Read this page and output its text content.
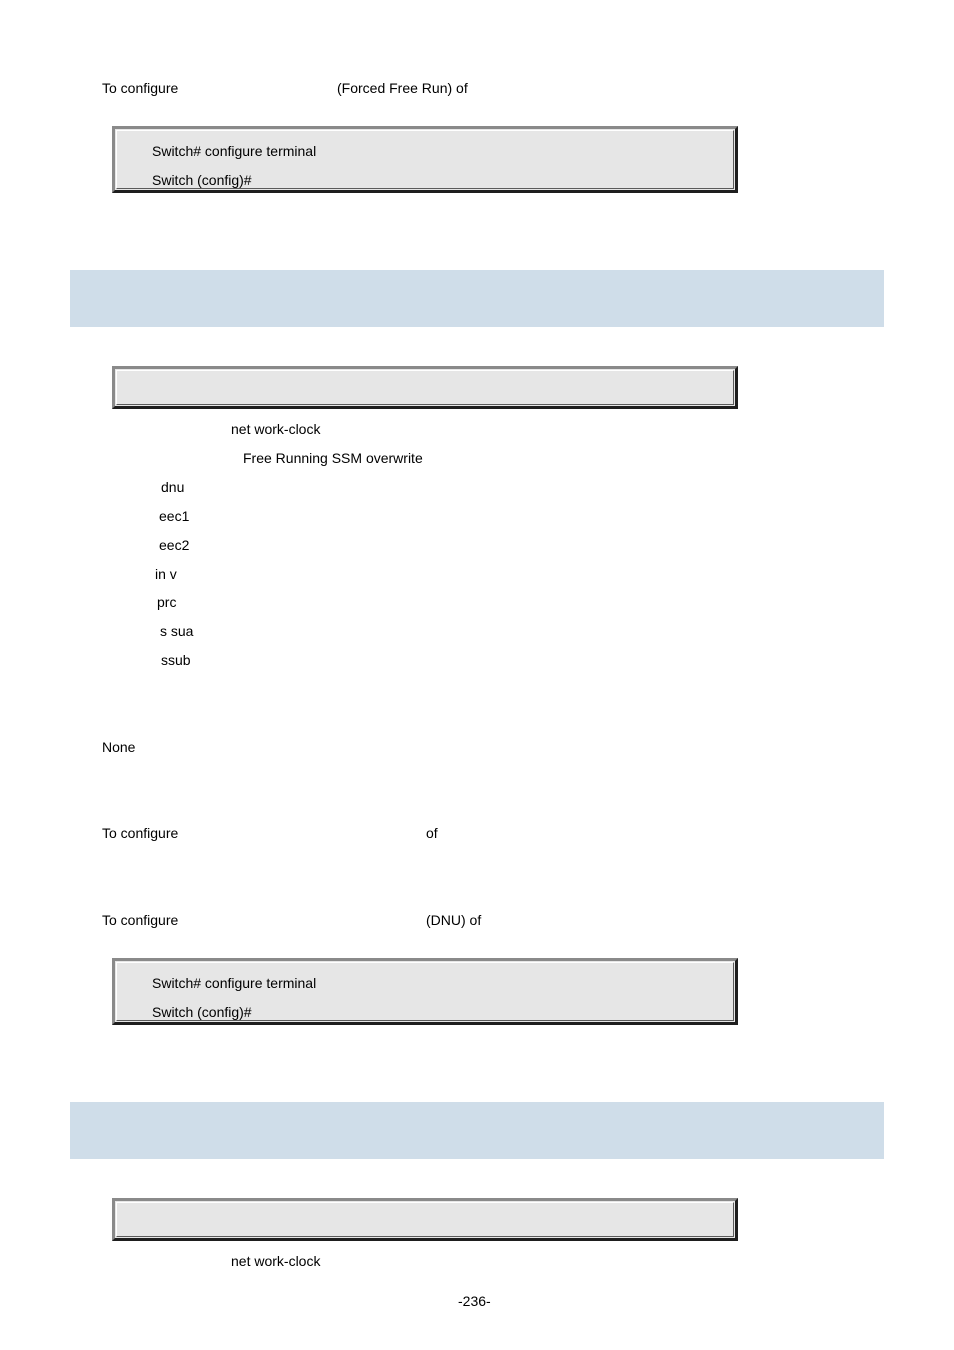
To configure	(Forced Free Run) of
Switch# configure terminal
Switch (config)#
net work-clock
Free Running SSM overwrite
dnu
eec1
eec2
in v
prc
s sua
ssub
None
To configure	of
To configure	(DNU) of
Switch# configure terminal
Switch (config)#
net work-clock
-236-
